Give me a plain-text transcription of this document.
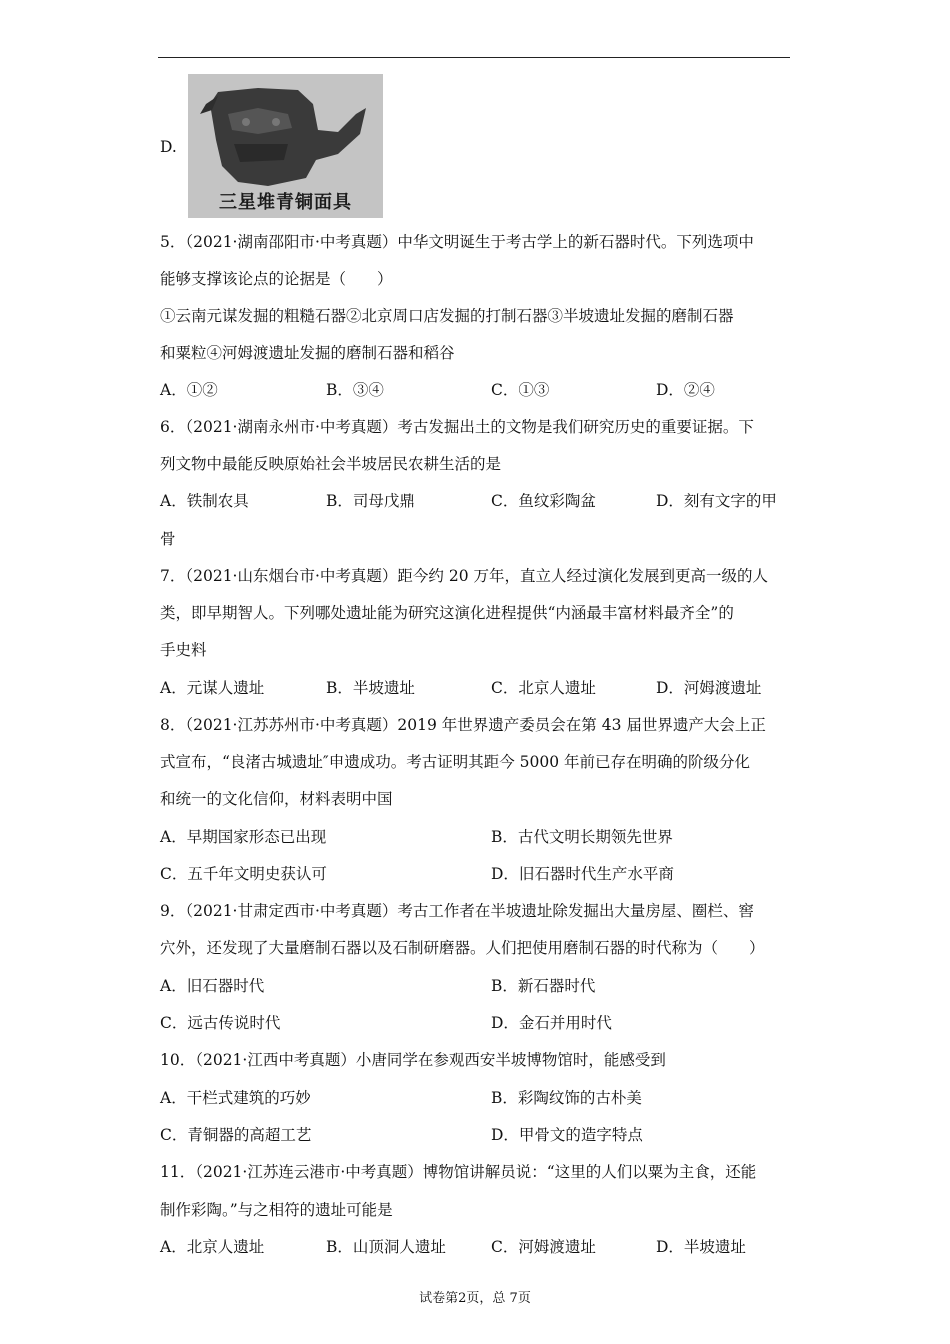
D.
三星堆青铜面具
5．（2021·湖南邵阳市·中考真题）中华文明诞生于考古学上的新石器时代。下列选项中
能够支撑该论点的论据是（　　）
①云南元谋发掘的粗糙石器②北京周口店发掘的打制石器③半坡遗址发掘的磨制石器
和粟粒④河姆渡遗址发掘的磨制石器和稻谷
A．①②	B．③④	C．①③	D．②④
6．（2021·湖南永州市·中考真题）考古发掘出土的文物是我们研究历史的重要证据。下
列文物中最能反映原始社会半坡居民农耕生活的是
A．铁制农具	B．司母戊鼎	C．鱼纹彩陶盆	D．刻有文字的甲
骨
7．（2021·山东烟台市·中考真题）距今约 20 万年，直立人经过演化发展到更高一级的人
类，即早期智人。下列哪处遗址能为研究这演化进程提供“内涵最丰富材料最齐全”的
手史料
A．元谋人遗址	B．半坡遗址	C．北京人遗址	D．河姆渡遗址
8．（2021·江苏苏州市·中考真题）2019 年世界遗产委员会在第 43 届世界遗产大会上正
式宣布，“良渚古城遗址″申遗成功。考古证明其距今 5000 年前已存在明确的阶级分化
和统一的文化信仰，材料表明中国
A．早期国家形态已出现	B．古代文明长期领先世界
C．五千年文明史获认可	D．旧石器时代生产水平商
9．（2021·甘肃定西市·中考真题）考古工作者在半坡遗址除发掘出大量房屋、圈栏、窖
穴外，还发现了大量磨制石器以及石制研磨器。人们把使用磨制石器的时代称为（　　）
A．旧石器时代	B．新石器时代
C．远古传说时代	D．金石并用时代
10．（2021·江西中考真题）小唐同学在参观西安半坡博物馆时，能感受到
A．干栏式建筑的巧妙	B．彩陶纹饰的古朴美
C．青铜器的高超工艺	D．甲骨文的造字特点
11．（2021·江苏连云港市·中考真题）博物馆讲解员说：“这里的人们以粟为主食，还能
制作彩陶。”与之相符的遗址可能是
A．北京人遗址	B．山顶洞人遗址	C．河姆渡遗址	D．半坡遗址
试卷第2页，总 7页
